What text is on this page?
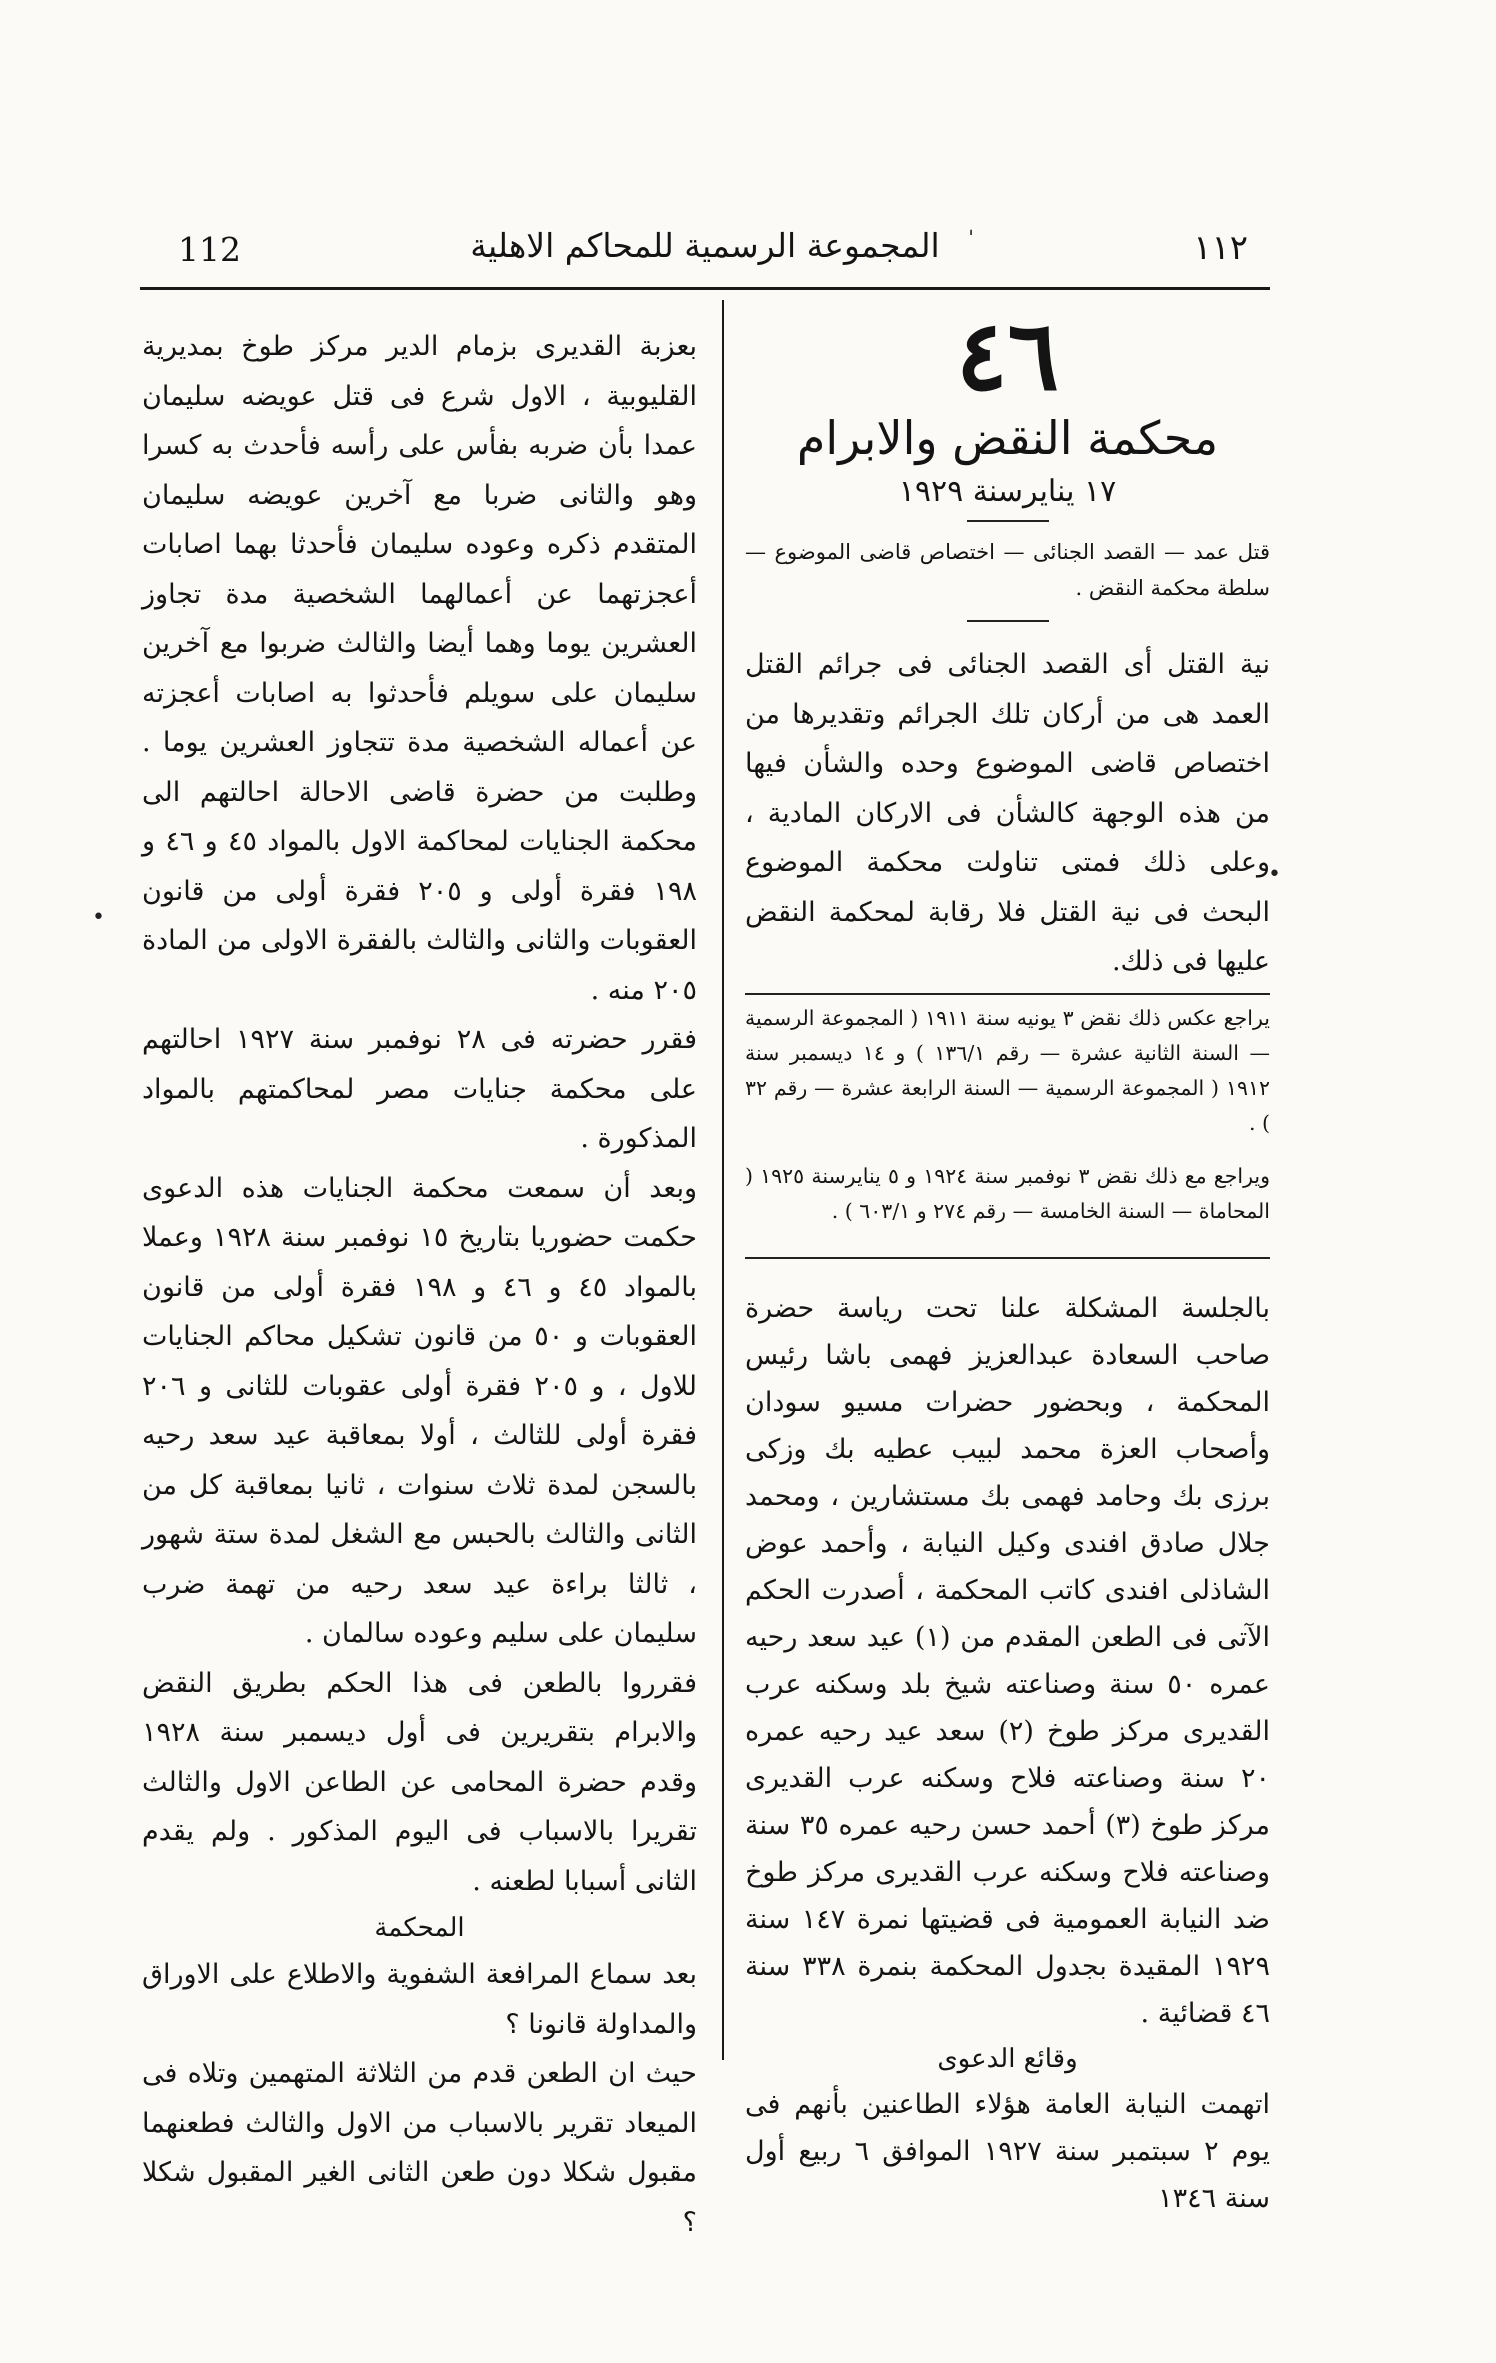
112	المجموعة الرسمية للمحاكم الاهلية	١١٢

٤٦

محكمة النقض والابرام

١٧ ينايرسنة ١٩٢٩

قتل عمد — القصد الجنائى — اختصاص قاضى الموضوع — سلطة محكمة النقض .

نية القتل أى القصد الجنائى فى جرائم القتل العمد هى من أركان تلك الجرائم وتقديرها من اختصاص قاضى الموضوع وحده والشأن فيها من هذه الوجهة كالشأن فى الاركان المادية ، وعلى ذلك فمتى تناولت محكمة الموضوع البحث فى نية القتل فلا رقابة لمحكمة النقض عليها فى ذلك.

يراجع عكس ذلك نقض ٣ يونيه سنة ١٩١١ ( المجموعة الرسمية — السنة الثانية عشرة — رقم ١٣٦/١ ) و ١٤ ديسمبر سنة ١٩١٢ ( المجموعة الرسمية — السنة الرابعة عشرة — رقم ٣٢ ) .

ويراجع مع ذلك نقض ٣ نوفمبر سنة ١٩٢٤ و ٥ ينايرسنة ١٩٢٥ ( المحاماة — السنة الخامسة — رقم ٢٧٤ و ٦٠٣/١ ) .

بالجلسة المشكلة علنا تحت رياسة حضرة صاحب السعادة عبدالعزيز فهمى باشا رئيس المحكمة ، وبحضور حضرات مسيو سودان وأصحاب العزة محمد لبيب عطيه بك وزكى برزى بك وحامد فهمى بك مستشارين ، ومحمد جلال صادق افندى وكيل النيابة ، وأحمد عوض الشاذلى افندى كاتب المحكمة ، أصدرت الحكم الآتى فى الطعن المقدم من (١) عيد سعد رحيه عمره ٥٠ سنة وصناعته شيخ بلد وسكنه عرب القديرى مركز طوخ (٢) سعد عيد رحيه عمره ٢٠ سنة وصناعته فلاح وسكنه عرب القديرى مركز طوخ (٣) أحمد حسن رحيه عمره ٣٥ سنة وصناعته فلاح وسكنه عرب القديرى مركز طوخ ضد النيابة العمومية فى قضيتها نمرة ١٤٧ سنة ١٩٢٩ المقيدة بجدول المحكمة بنمرة ٣٣٨ سنة ٤٦ قضائية .

وقائع الدعوى

اتهمت النيابة العامة هؤلاء الطاعنين بأنهم فى يوم ٢ سبتمبر سنة ١٩٢٧ الموافق ٦ ربيع أول سنة ١٣٤٦

بعزبة القديرى بزمام الدير مركز طوخ بمديرية القليوبية ، الاول شرع فى قتل عويضه سليمان عمدا بأن ضربه بفأس على رأسه فأحدث به كسرا وهو والثانى ضربا مع آخرين عويضه سليمان المتقدم ذكره وعوده سليمان فأحدثا بهما اصابات أعجزتهما عن أعمالهما الشخصية مدة تجاوز العشرين يوما وهما أيضا والثالث ضربوا مع آخرين سليمان على سويلم فأحدثوا به اصابات أعجزته عن أعماله الشخصية مدة تتجاوز العشرين يوما . وطلبت من حضرة قاضى الاحالة احالتهم الى محكمة الجنايات لمحاكمة الاول بالمواد ٤٥ و ٤٦ و ١٩٨ فقرة أولى و ٢٠٥ فقرة أولى من قانون العقوبات والثانى والثالث بالفقرة الاولى من المادة ٢٠٥ منه .

فقرر حضرته فى ٢٨ نوفمبر سنة ١٩٢٧ احالتهم على محكمة جنايات مصر لمحاكمتهم بالمواد المذكورة .

وبعد أن سمعت محكمة الجنايات هذه الدعوى حكمت حضوريا بتاريخ ١٥ نوفمبر سنة ١٩٢٨ وعملا بالمواد ٤٥ و ٤٦ و ١٩٨ فقرة أولى من قانون العقوبات و ٥٠ من قانون تشكيل محاكم الجنايات للاول ، و ٢٠٥ فقرة أولى عقوبات للثانى و ٢٠٦ فقرة أولى للثالث ، أولا بمعاقبة عيد سعد رحيه بالسجن لمدة ثلاث سنوات ، ثانيا بمعاقبة كل من الثانى والثالث بالحبس مع الشغل لمدة ستة شهور ، ثالثا براءة عيد سعد رحيه من تهمة ضرب سليمان على سليم وعوده سالمان .

فقرروا بالطعن فى هذا الحكم بطريق النقض والابرام بتقريرين فى أول ديسمبر سنة ١٩٢٨ وقدم حضرة المحامى عن الطاعن الاول والثالث تقريرا بالاسباب فى اليوم المذكور . ولم يقدم الثانى أسبابا لطعنه .

المحكمة

بعد سماع المرافعة الشفوية والاطلاع على الاوراق والمداولة قانونا ؟

حيث ان الطعن قدم من الثلاثة المتهمين وتلاه فى الميعاد تقرير بالاسباب من الاول والثالث فطعنهما مقبول شكلا دون طعن الثانى الغير المقبول شكلا ؟

•
•
ˈ
